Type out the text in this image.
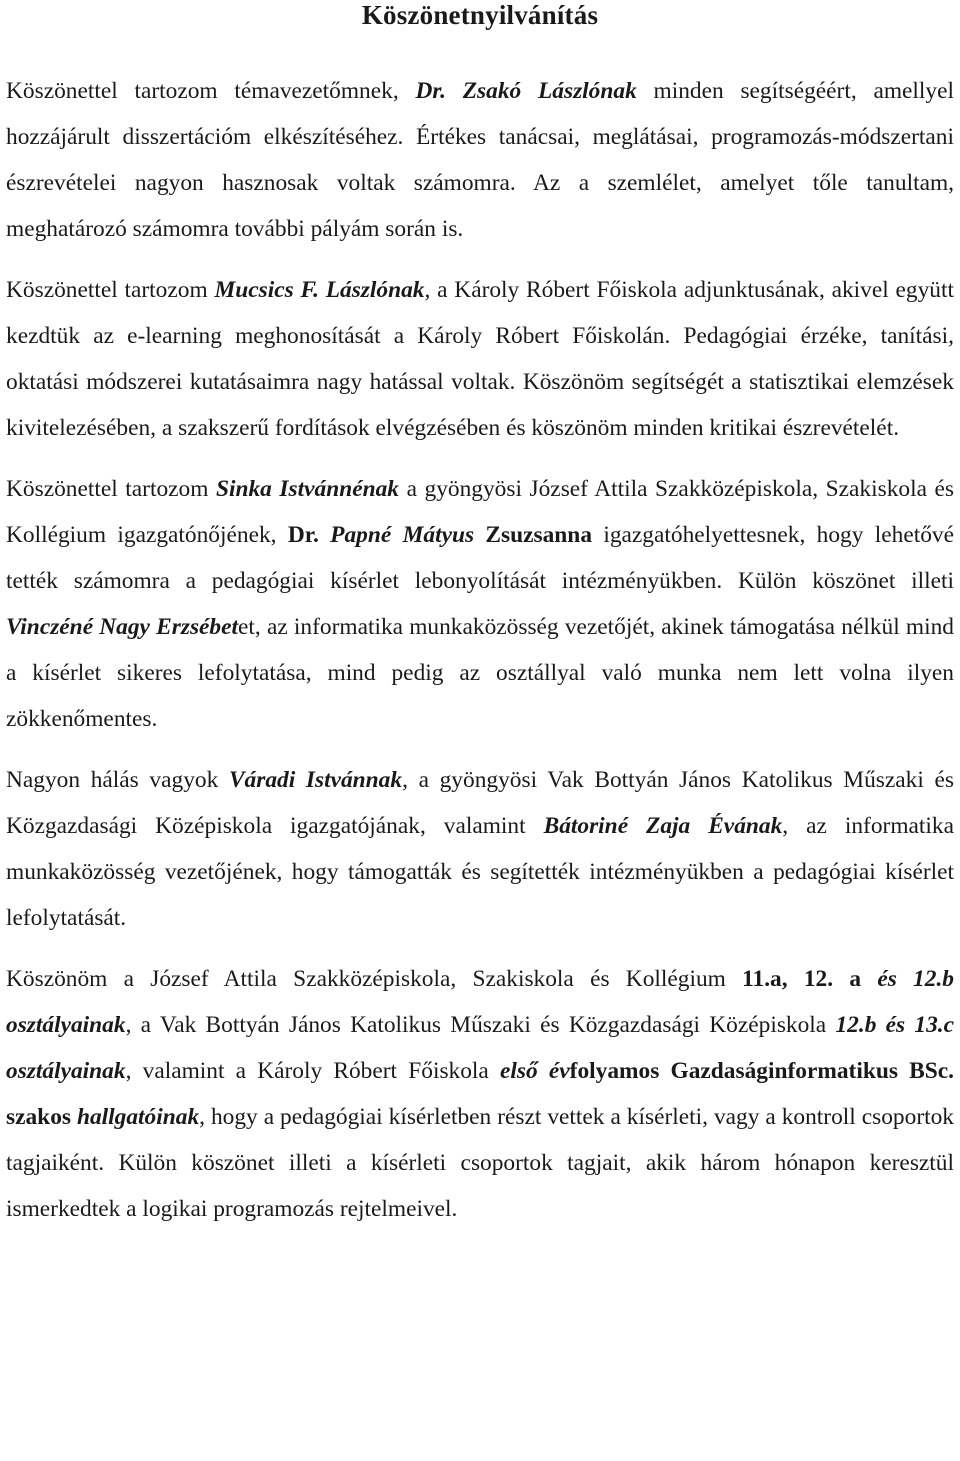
Köszönetnyilvánítás

Köszönettel tartozom témavezetőmnek, Dr. Zsakó Lászlónak minden segítségéért, amellyel hozzájárult disszertációm elkészítéséhez. Értékes tanácsai, meglátásai, programozás-módszertani észrevételei nagyon hasznosak voltak számomra. Az a szemlélet, amelyet tőle tanultam, meghatározó számomra további pályám során is.

Köszönettel tartozom Mucsics F. Lászlónak, a Károly Róbert Főiskola adjunktusának, akivel együtt kezdtük az e-learning meghonosítását a Károly Róbert Főiskolán. Pedagógiai érzéke, tanítási, oktatási módszerei kutatásaimra nagy hatással voltak. Köszönöm segítségét a statisztikai elemzések kivitelezésében, a szakszerű fordítások elvégzésében és köszönöm minden kritikai észrevételét.

Köszönettel tartozom Sinka Istvánnénak a gyöngyösi József Attila Szakközépiskola, Szakiskola és Kollégium igazgatónőjének, Dr. Papné Mátyus Zsuzsanna igazgatóhelyettesnek, hogy lehetővé tették számomra a pedagógiai kísérlet lebonyolítását intézményükben. Külön köszönet illeti Vinczéné Nagy Erzsébetet, az informatika munkaközösség vezetőjét, akinek támogatása nélkül mind a kísérlet sikeres lefolytatása, mind pedig az osztállyal való munka nem lett volna ilyen zökkenőmentes.

Nagyon hálás vagyok Váradi Istvánnak, a gyöngyösi Vak Bottyán János Katolikus Műszaki és Közgazdasági Középiskola igazgatójának, valamint Bátoriné Zaja Évának, az informatika munkaközösség vezetőjének, hogy támogatták és segítették intézményükben a pedagógiai kísérlet lefolytatását.

Köszönöm a József Attila Szakközépiskola, Szakiskola és Kollégium 11.a, 12. a és 12.b osztályainak, a Vak Bottyán János Katolikus Műszaki és Közgazdasági Középiskola 12.b és 13.c osztályainak, valamint a Károly Róbert Főiskola első évfolyamos Gazdaságinformatikus BSc. szakos hallgatóinak, hogy a pedagógiai kísérletben részt vettek a kísérleti, vagy a kontroll csoportok tagjaiként. Külön köszönet illeti a kísérleti csoportok tagjait, akik három hónapon keresztül ismerkedtek a logikai programozás rejtelmeivel.
